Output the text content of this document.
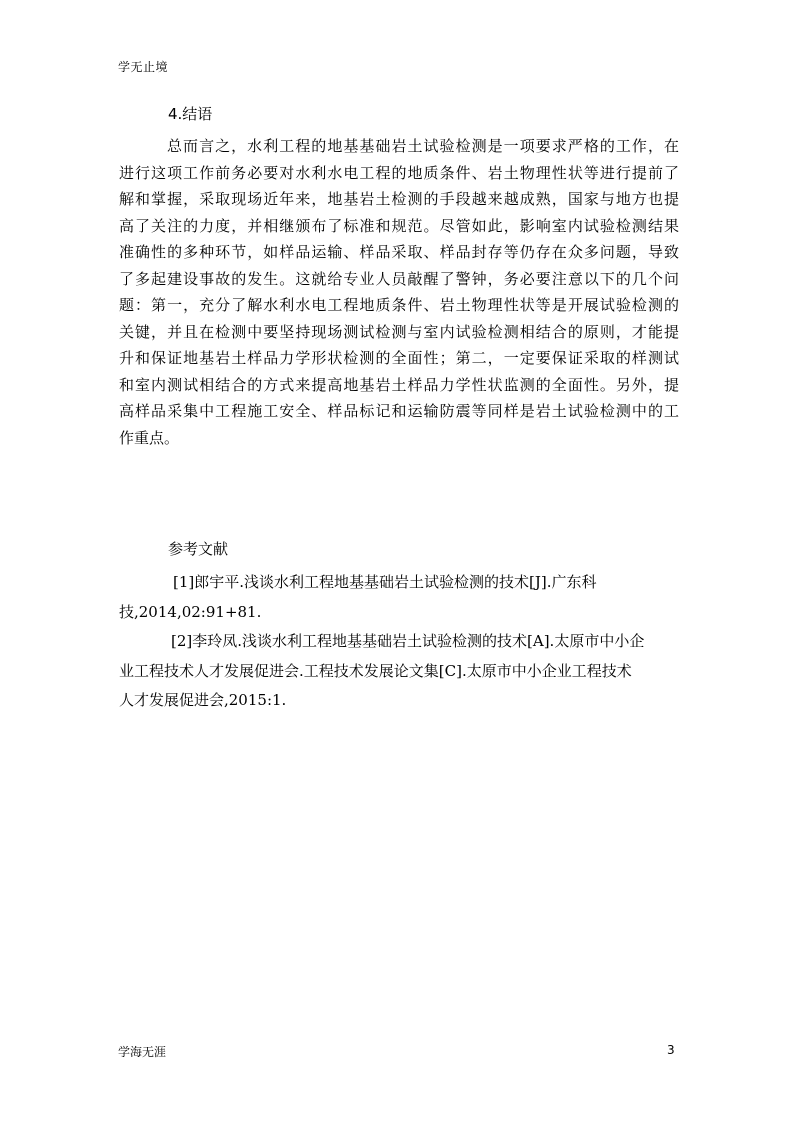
学无止境
4.结语
总而言之，水利工程的地基基础岩土试验检测是一项要求严格的工作，在
进行这项工作前务必要对水利水电工程的地质条件、岩土物理性状等进行提前了
解和掌握，采取现场近年来，地基岩土检测的手段越来越成熟，国家与地方也提
高了关注的力度，并相继颁布了标准和规范。尽管如此，影响室内试验检测结果
准确性的多种环节，如样品运输、样品采取、样品封存等仍存在众多问题，导致
了多起建设事故的发生。这就给专业人员敲醒了警钟，务必要注意以下的几个问
题：第一，充分了解水利水电工程地质条件、岩土物理性状等是开展试验检测的
关键，并且在检测中要坚持现场测试检测与室内试验检测相结合的原则，才能提
升和保证地基岩土样品力学形状检测的全面性；第二，一定要保证采取的样测试
和室内测试相结合的方式来提高地基岩土样品力学性状监测的全面性。另外，提
高样品采集中工程施工安全、样品标记和运输防震等同样是岩土试验检测中的工
作重点。
参考文献
[1]郎宇平.浅谈水利工程地基基础岩土试验检测的技术[J].广东科
技,2014,02:91+81.
[2]李玲凤.浅谈水利工程地基基础岩土试验检测的技术[A].太原市中小企
业工程技术人才发展促进会.工程技术发展论文集[C].太原市中小企业工程技术
人才发展促进会,2015:1.
学海无涯	3
